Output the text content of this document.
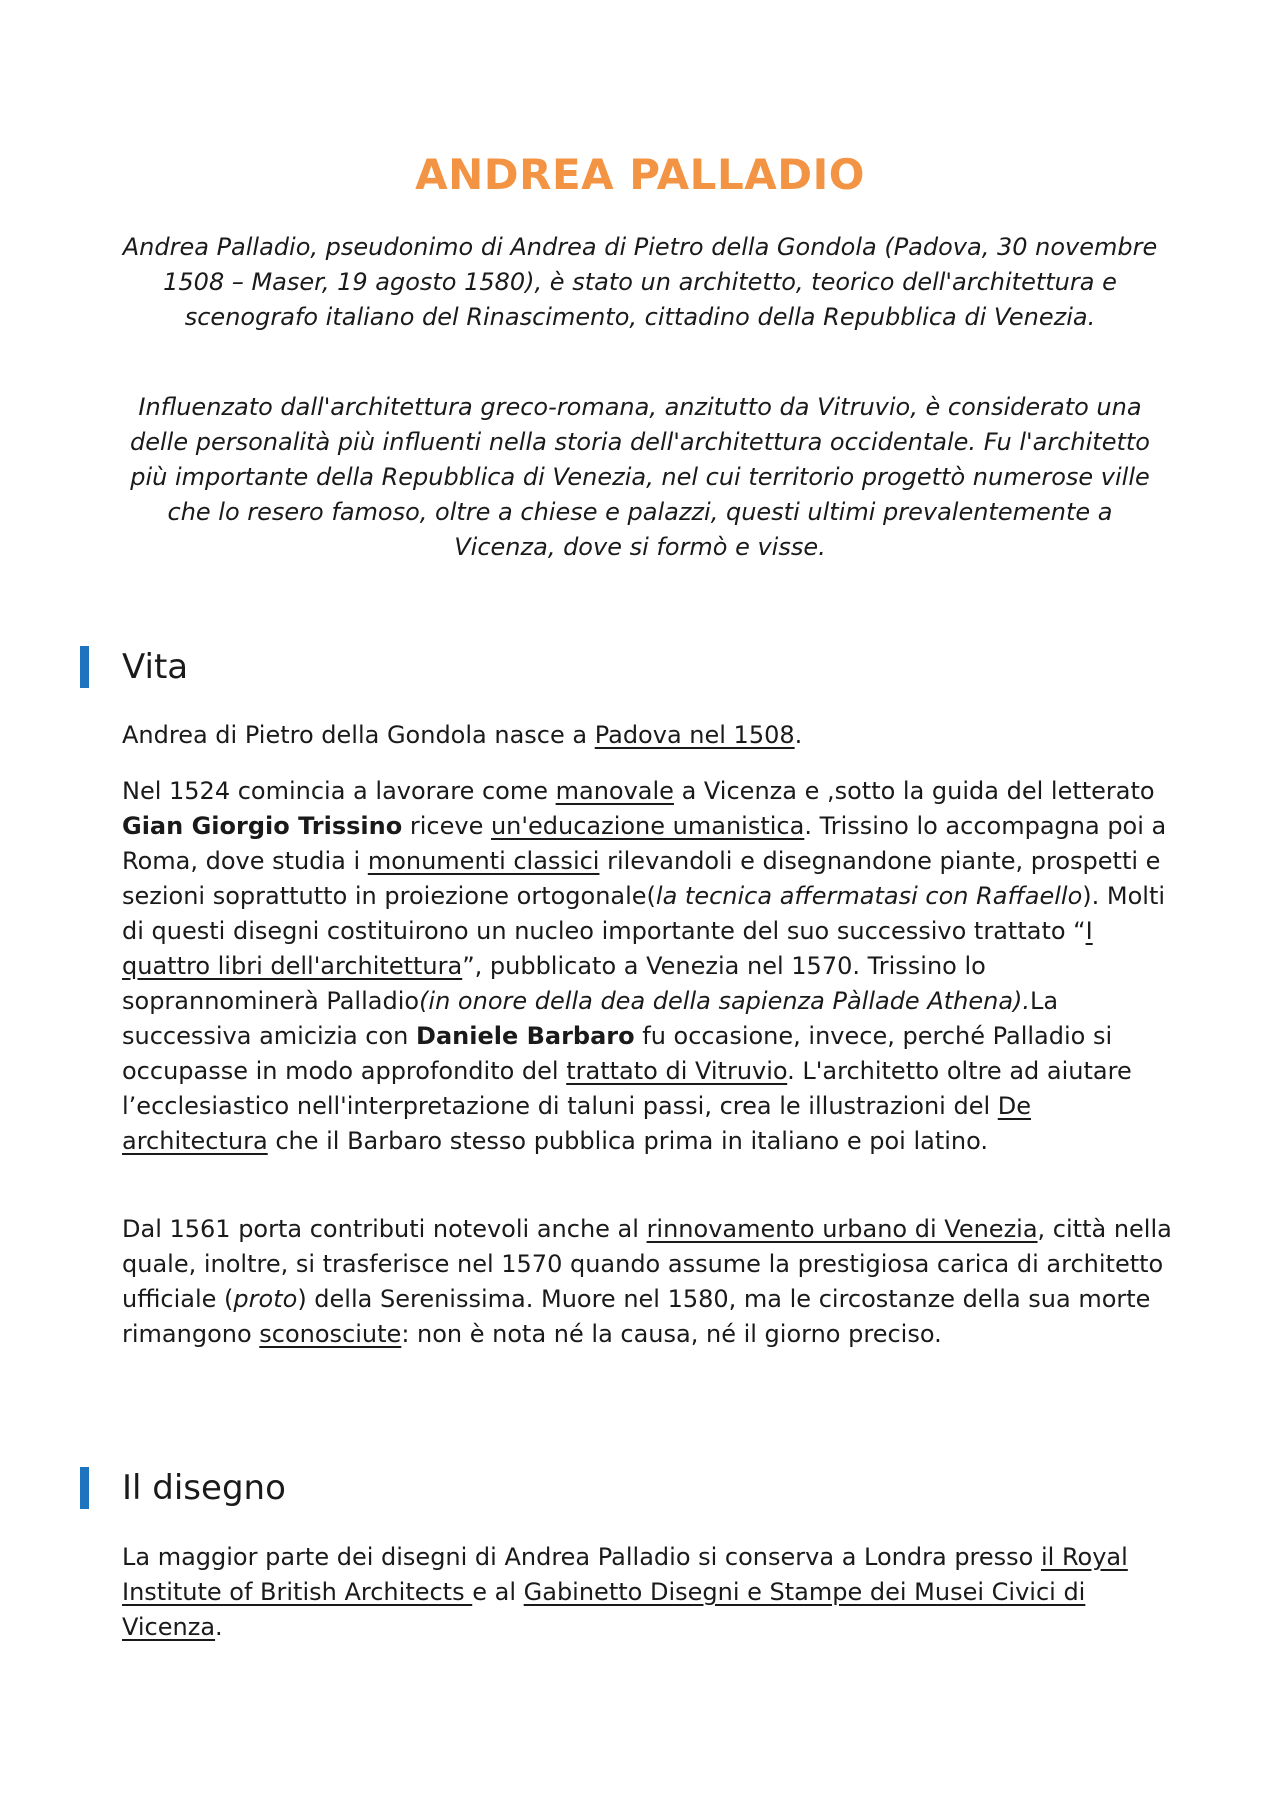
ANDREA PALLADIO

Andrea Palladio, pseudonimo di Andrea di Pietro della Gondola (Padova, 30 novembre 1508 – Maser, 19 agosto 1580), è stato un architetto, teorico dell'architettura e scenografo italiano del Rinascimento, cittadino della Repubblica di Venezia.

Influenzato dall'architettura greco-romana, anzitutto da Vitruvio, è considerato una delle personalità più influenti nella storia dell'architettura occidentale. Fu l'architetto più importante della Repubblica di Venezia, nel cui territorio progettò numerose ville che lo resero famoso, oltre a chiese e palazzi, questi ultimi prevalentemente a Vicenza, dove si formò e visse.

Vita

Andrea di Pietro della Gondola nasce a Padova nel 1508.

Nel 1524 comincia a lavorare come manovale a Vicenza e ,sotto la guida del letterato Gian Giorgio Trissino riceve un'educazione umanistica. Trissino lo accompagna poi a Roma, dove studia i monumenti classici rilevandoli e disegnandone piante, prospetti e sezioni soprattutto in proiezione ortogonale(la tecnica affermatasi con Raffaello). Molti di questi disegni costituirono un nucleo importante del suo successivo trattato “I quattro libri dell'architettura”, pubblicato a Venezia nel 1570. Trissino lo soprannominerà Palladio(in onore della dea della sapienza Pàllade Athena).La successiva amicizia con Daniele Barbaro fu occasione, invece, perché Palladio si occupasse in modo approfondito del trattato di Vitruvio. L'architetto oltre ad aiutare l’ecclesiastico nell'interpretazione di taluni passi, crea le illustrazioni del De architectura che il Barbaro stesso pubblica prima in italiano e poi latino.

Dal 1561 porta contributi notevoli anche al rinnovamento urbano di Venezia, città nella quale, inoltre, si trasferisce nel 1570 quando assume la prestigiosa carica di architetto ufficiale (proto) della Serenissima. Muore nel 1580, ma le circostanze della sua morte rimangono sconosciute: non è nota né la causa, né il giorno preciso.

Il disegno

La maggior parte dei disegni di Andrea Palladio si conserva a Londra presso il Royal Institute of British Architects e al Gabinetto Disegni e Stampe dei Musei Civici di Vicenza.
